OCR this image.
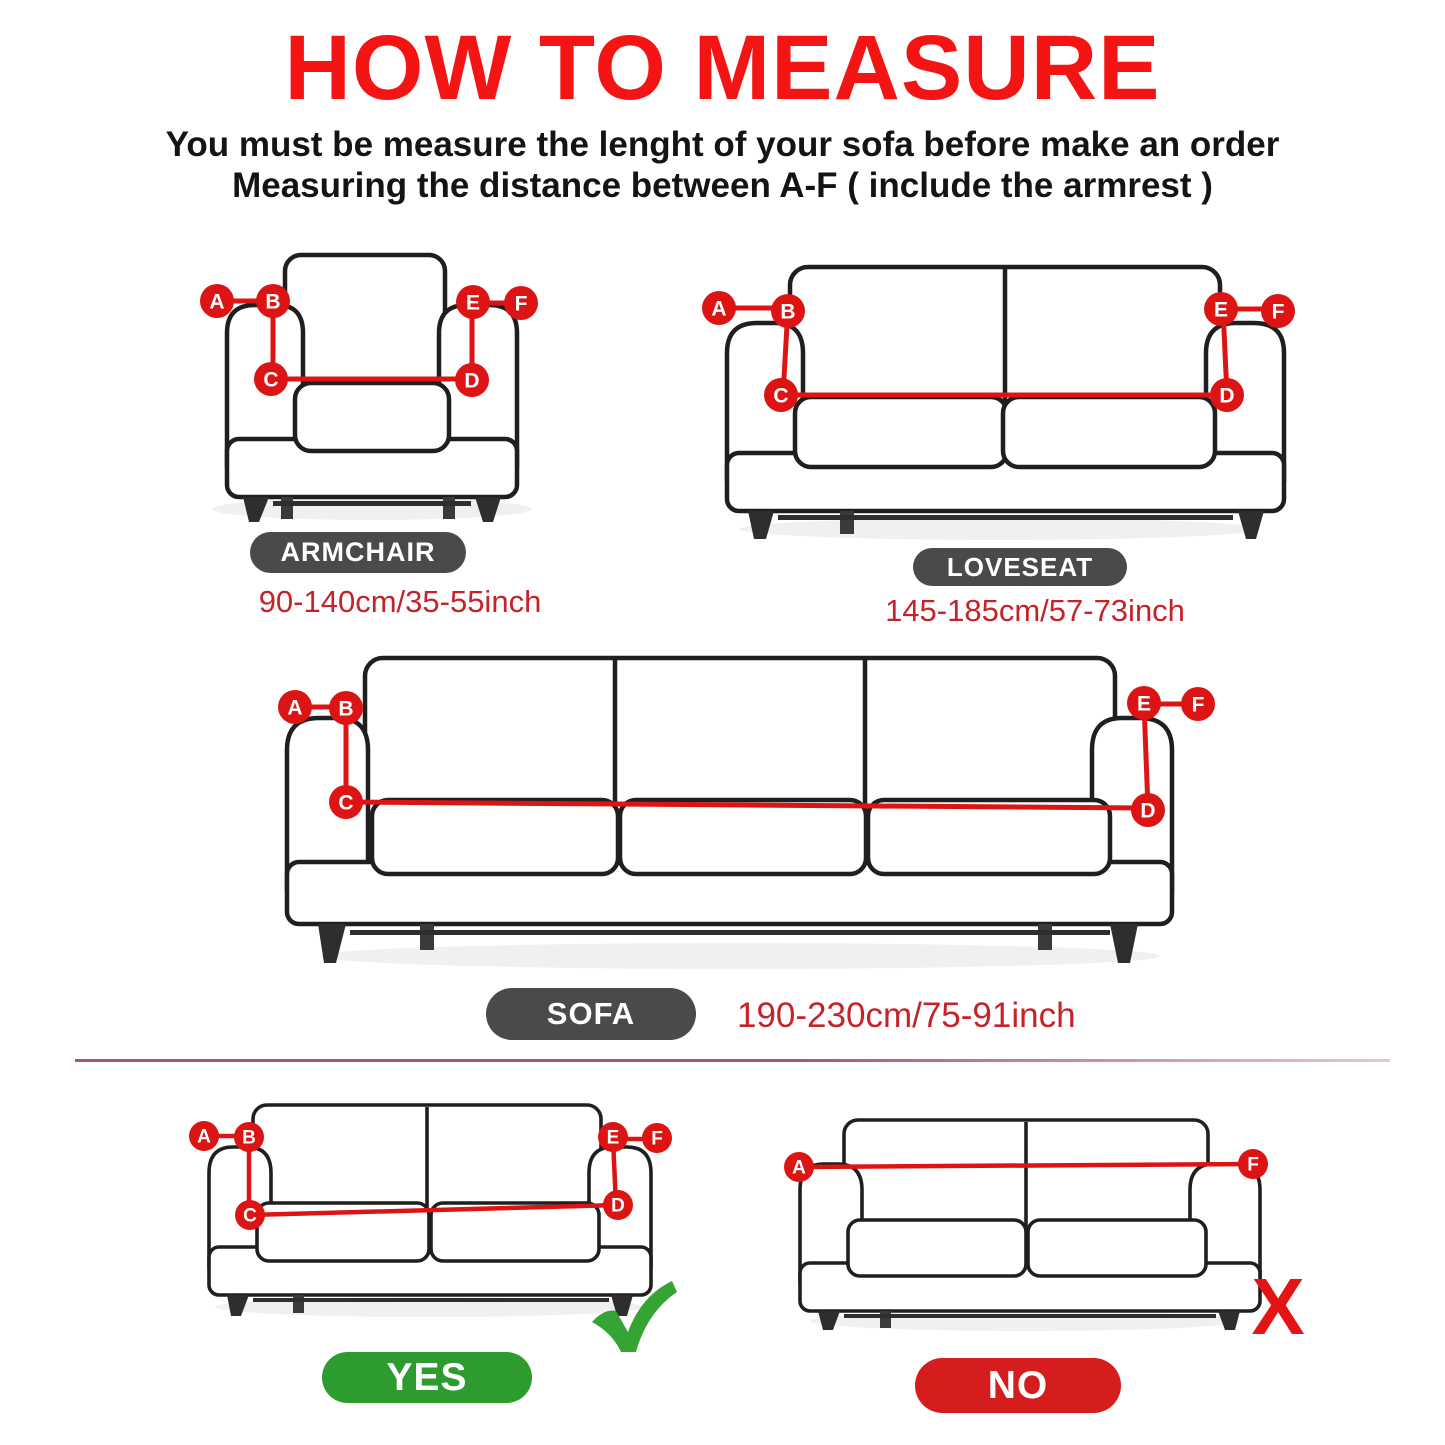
HOW TO MEASURE
You must be measure the lenght of your sofa before make an order
Measuring the distance between A-F ( include the armrest )
A B
C	D
E F
ARMCHAIR
90-140cm/35-55inch
A	B
C	D
E F
LOVESEAT
145-185cm/57-73inch
A B
C	D
E F
SOFA	190-230cm/75-91inch
A B
C	D
E F
YES
A	F
X
NO
